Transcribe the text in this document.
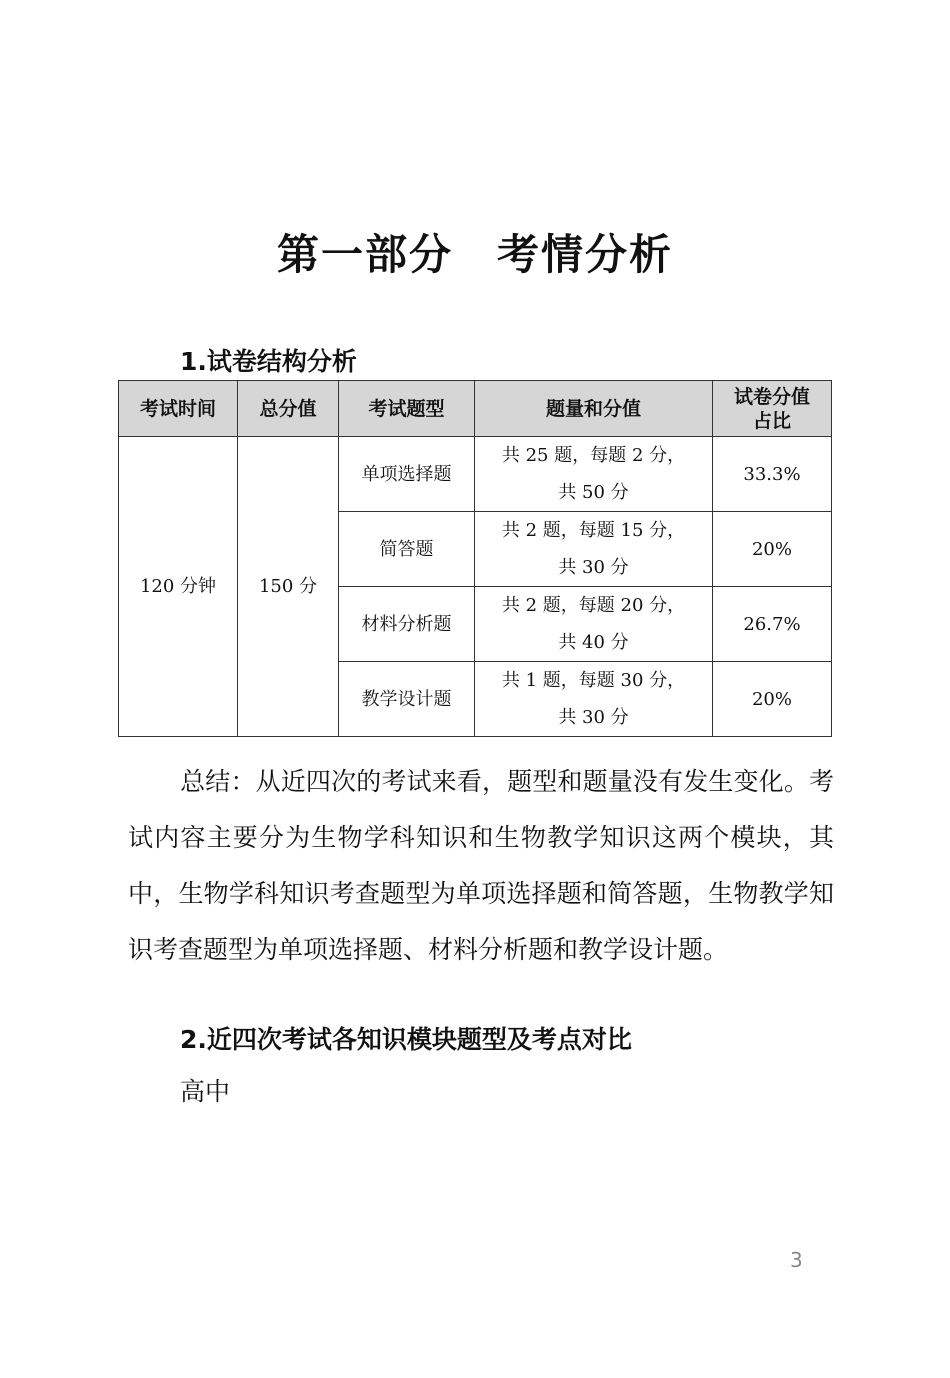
第一部分　考情分析
1.试卷结构分析
考试时间	总分值	考试题型	题量和分值	试卷分值
占比

120 分钟	150 分	单项选择题	共 25 题，每题 2 分，
共 50 分	33.3%
		简答题	共 2 题，每题 15 分，
共 30 分	20%
		材料分析题	共 2 题，每题 20 分，
共 40 分	26.7%
		教学设计题	共 1 题，每题 30 分，
共 30 分	20%
总结：从近四次的考试来看，题型和题量没有发生变化。考试内容主要分为生物学科知识和生物教学知识这两个模块，其中，生物学科知识考查题型为单项选择题和简答题，生物教学知识考查题型为单项选择题、材料分析题和教学设计题。
2.近四次考试各知识模块题型及考点对比
高中
3
